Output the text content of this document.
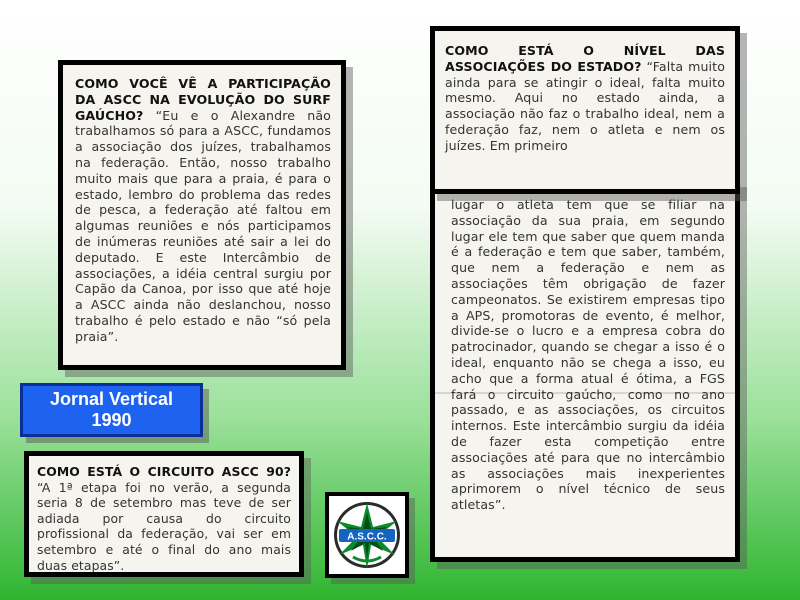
COMO VOCÊ VÊ A PARTICIPAÇÃO DA ASCC NA EVOLUÇÃO DO SURF GAÚCHO? “Eu e o Alexandre não trabalhamos só para a ASCC, fundamos a associação dos juízes, trabalhamos na federação. Então, nosso trabalho muito mais que para a praia, é para o estado, lembro do problema das redes de pesca, a federação até faltou em algumas reuniões e nós participamos de inúmeras reuniões até sair a lei do deputado. E este Intercâmbio de associações, a idéia central surgiu por Capão da Canoa, por isso que até hoje a ASCC ainda não deslanchou, nosso trabalho é pelo estado e não “só pela praia”.

lugar o atleta tem que se filiar na associação da sua praia, em segundo lugar ele tem que saber que quem manda é a federação e tem que saber, também, que nem a federação e nem as associações têm obrigação de fazer campeonatos. Se existirem empresas tipo a APS, promotoras de evento, é melhor, divide-se o lucro e a empresa cobra do patrocinador, quando se chegar a isso é o ideal, enquanto não se chega a isso, eu acho que a forma atual é ótima, a FGS fará o circuito gaúcho, como no ano passado, e as associações, os circuitos internos. Este intercâmbio surgiu da idéia de fazer esta competição entre associações até para que no intercâmbio as associações mais inexperientes aprimorem o nível técnico de seus atletas”.

COMO ESTÁ O NÍVEL DAS ASSOCIAÇÕES DO ESTADO? “Falta muito ainda para se atingir o ideal, falta muito mesmo. Aqui no estado ainda, a associação não faz o trabalho ideal, nem a federação faz, nem o atleta e nem os juízes. Em primeiro

Jornal Vertical
1990

COMO ESTÁ O CIRCUITO ASCC 90? “A 1ª etapa foi no verão, a segunda seria 8 de setembro mas teve de ser adiada por causa do circuito profissional da federação, vai ser em setembro e até o final do ano mais duas etapas”.

A.S.C.C.
